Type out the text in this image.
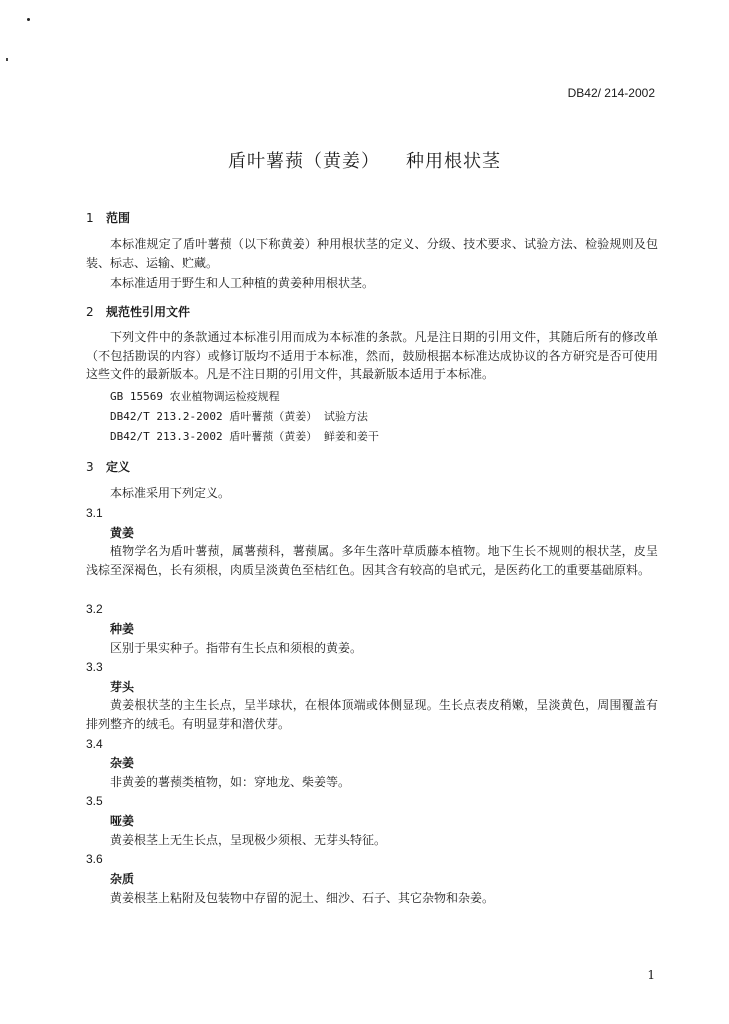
DB42/ 214-2002
盾叶薯蓣（黄姜） 种用根状茎
1 范围
本标准规定了盾叶薯蓣（以下称黄姜）种用根状茎的定义、分级、技术要求、试验方法、检验规则及包装、标志、运输、贮藏。
本标准适用于野生和人工种植的黄姜种用根状茎。
2 规范性引用文件
下列文件中的条款通过本标准引用而成为本标准的条款。凡是注日期的引用文件，其随后所有的修改单（不包括勘误的内容）或修订版均不适用于本标准，然而，鼓励根据本标准达成协议的各方研究是否可使用这些文件的最新版本。凡是不注日期的引用文件，其最新版本适用于本标准。
GB 15569 农业植物调运检疫规程
DB42/T 213.2-2002 盾叶薯蓣（黄姜） 试验方法
DB42/T 213.3-2002 盾叶薯蓣（黄姜） 鲜姜和姜干
3 定义
本标准采用下列定义。
3.1
黄姜
植物学名为盾叶薯蓣，属薯蓣科，薯蓣属。多年生落叶草质藤本植物。地下生长不规则的根状茎，皮呈浅棕至深褐色，长有须根，肉质呈淡黄色至桔红色。因其含有较高的皂甙元，是医药化工的重要基础原料。
3.2
种姜
区别于果实种子。指带有生长点和须根的黄姜。
3.3
芽头
黄姜根状茎的主生长点，呈半球状，在根体顶端或体侧显现。生长点表皮稍嫩，呈淡黄色，周围覆盖有排列整齐的绒毛。有明显芽和潜伏芽。
3.4
杂姜
非黄姜的薯蓣类植物，如：穿地龙、柴姜等。
3.5
哑姜
黄姜根茎上无生长点，呈现极少须根、无芽头特征。
3.6
杂质
黄姜根茎上粘附及包装物中存留的泥土、细沙、石子、其它杂物和杂姜。
1
